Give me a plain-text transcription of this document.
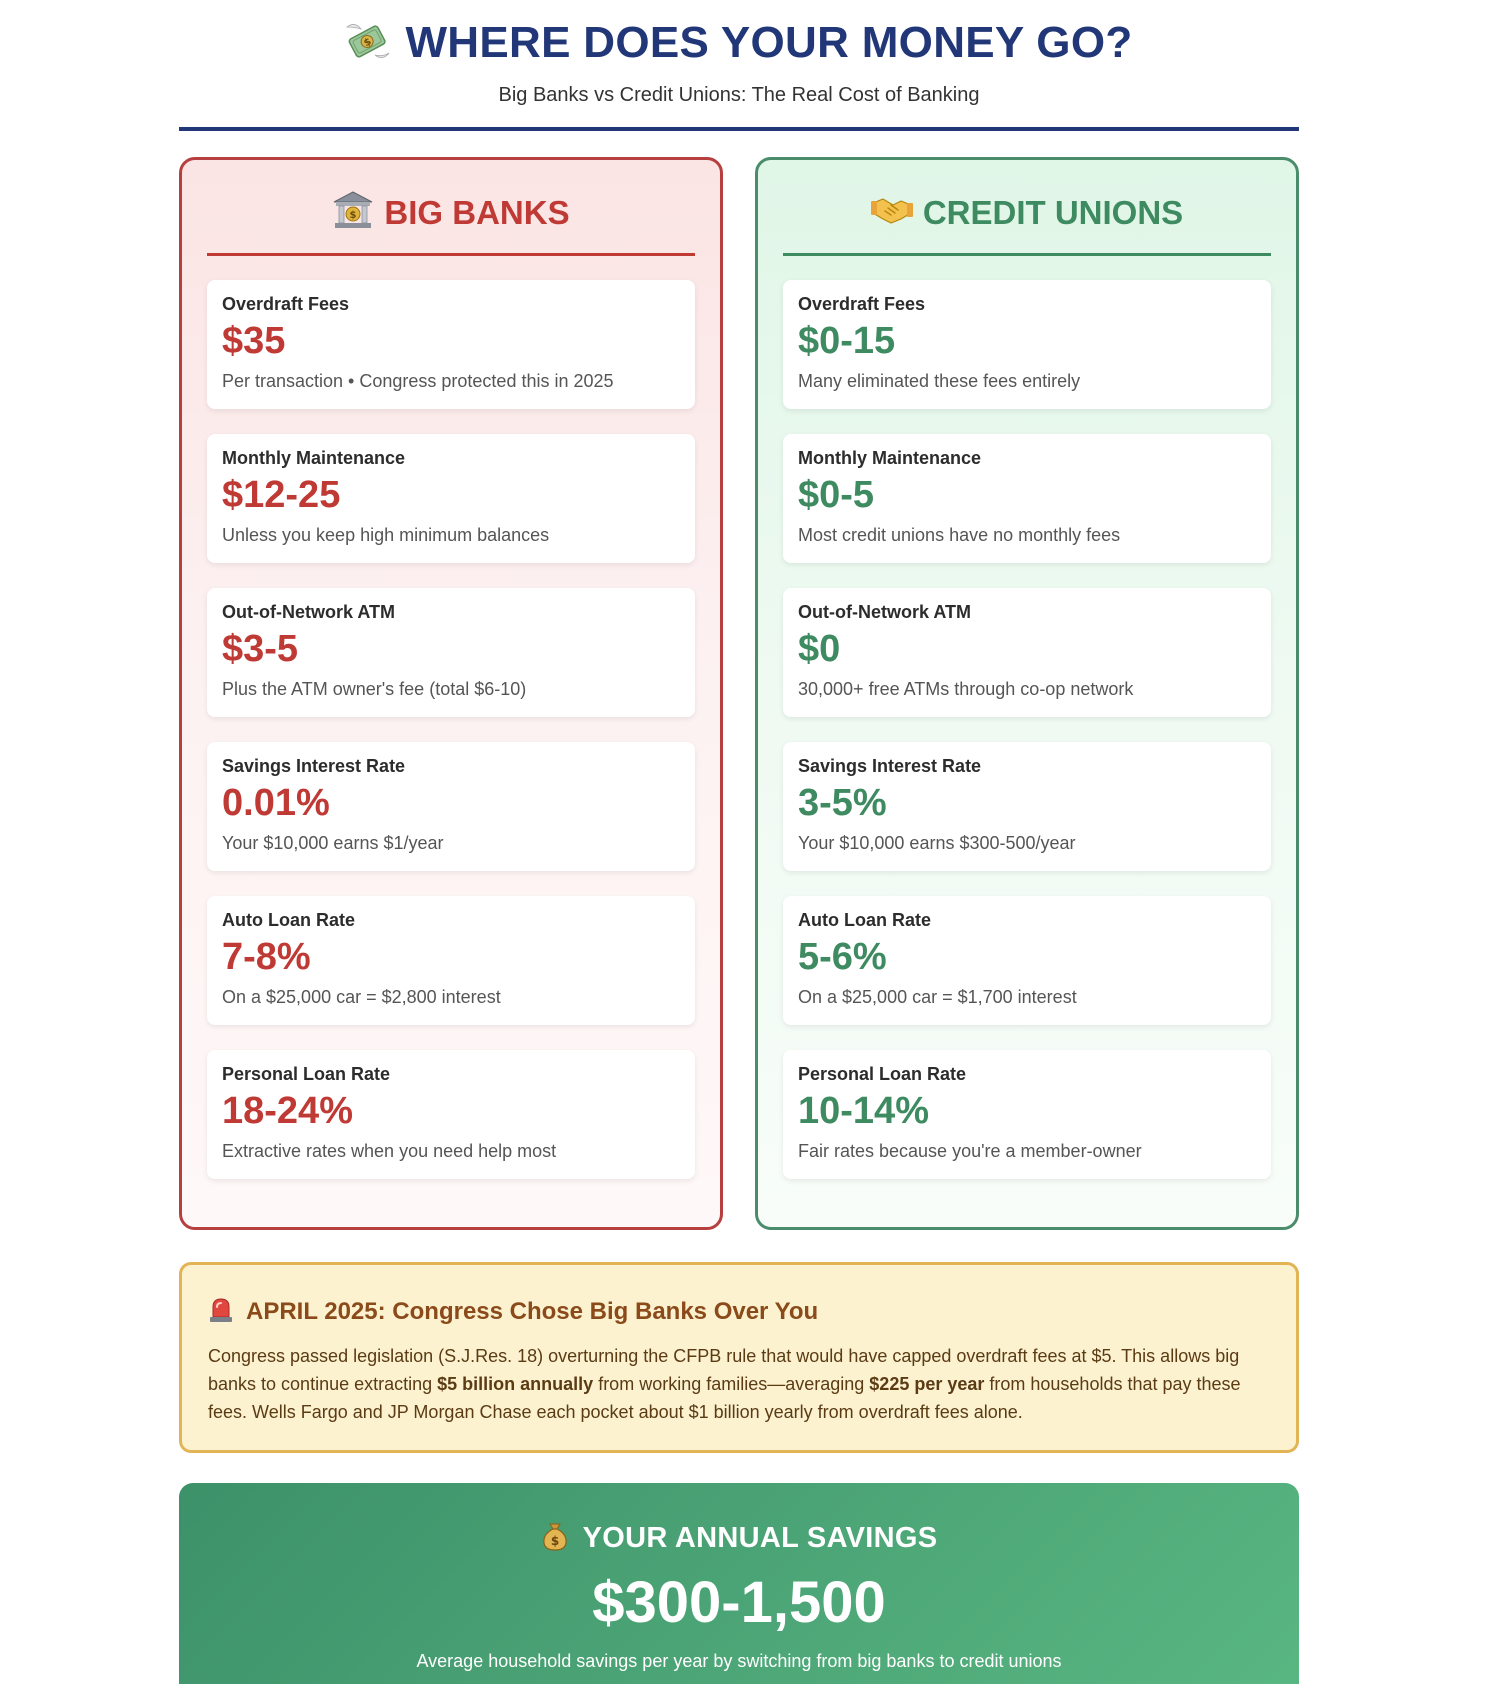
$ WHERE DOES YOUR MONEY GO?
Big Banks vs Credit Unions: The Real Cost of Banking
$ BIG BANKS
Overdraft Fees
$35
Per transaction • Congress protected this in 2025
Monthly Maintenance
$12-25
Unless you keep high minimum balances
Out-of-Network ATM
$3-5
Plus the ATM owner's fee (total $6-10)
Savings Interest Rate
0.01%
Your $10,000 earns $1/year
Auto Loan Rate
7-8%
On a $25,000 car = $2,800 interest
Personal Loan Rate
18-24%
Extractive rates when you need help most
CREDIT UNIONS
Overdraft Fees
$0-15
Many eliminated these fees entirely
Monthly Maintenance
$0-5
Most credit unions have no monthly fees
Out-of-Network ATM
$0
30,000+ free ATMs through co-op network
Savings Interest Rate
3-5%
Your $10,000 earns $300-500/year
Auto Loan Rate
5-6%
On a $25,000 car = $1,700 interest
Personal Loan Rate
10-14%
Fair rates because you're a member-owner
APRIL 2025: Congress Chose Big Banks Over You

Congress passed legislation (S.J.Res. 18) overturning the CFPB rule that would have capped overdraft fees at $5. This allows big banks to continue extracting $5 billion annually from working families—averaging $225 per year from households that pay these fees. Wells Fargo and JP Morgan Chase each pocket about $1 billion yearly from overdraft fees alone.

$ YOUR ANNUAL SAVINGS
$300-1,500
Average household savings per year by switching from big banks to credit unions
